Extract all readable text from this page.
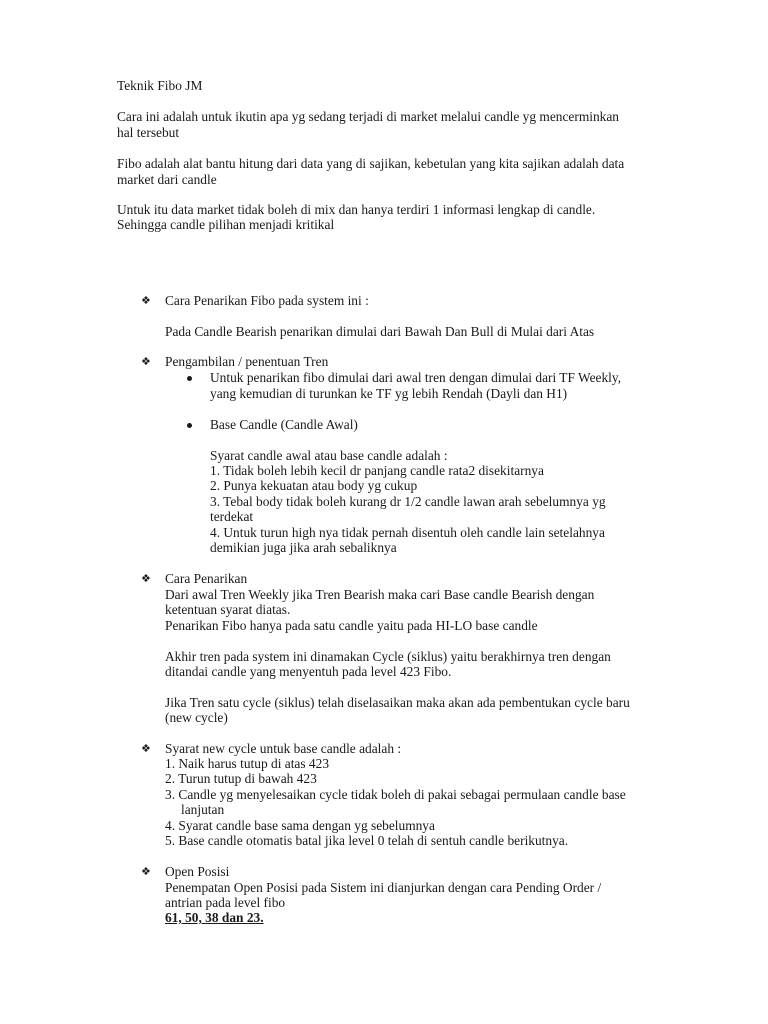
Teknik Fibo JM
Cara ini adalah untuk ikutin apa yg sedang terjadi di market melalui candle yg mencerminkan
hal tersebut
Fibo adalah alat bantu hitung dari data yang di sajikan, kebetulan yang kita sajikan adalah data
market dari candle
Untuk itu data market tidak boleh di mix dan hanya terdiri 1 informasi lengkap di candle.
Sehingga candle pilihan menjadi kritikal
❖ Cara Penarikan Fibo pada system ini :
Pada Candle Bearish penarikan dimulai dari Bawah Dan Bull di Mulai dari Atas
❖ Pengambilan / penentuan Tren
Untuk penarikan fibo dimulai dari awal tren dengan dimulai dari TF Weekly,
yang kemudian di turunkan ke TF yg lebih Rendah (Dayli dan H1)
Base Candle (Candle Awal)
Syarat candle awal atau base candle adalah :
1. Tidak boleh lebih kecil dr panjang candle rata2 disekitarnya
2. Punya kekuatan atau body yg cukup
3. Tebal body tidak boleh kurang dr 1/2 candle lawan arah sebelumnya yg
terdekat
4. Untuk turun high nya tidak pernah disentuh oleh candle lain setelahnya
demikian juga jika arah sebaliknya
❖ Cara Penarikan
Dari awal Tren Weekly jika Tren Bearish maka cari Base candle Bearish dengan
ketentuan syarat diatas.
Penarikan Fibo hanya pada satu candle yaitu pada HI-LO base candle
Akhir tren pada system ini dinamakan Cycle (siklus) yaitu berakhirnya tren dengan
ditandai candle yang menyentuh pada level 423 Fibo.
Jika Tren satu cycle (siklus) telah diselasaikan maka akan ada pembentukan cycle baru
(new cycle)
❖ Syarat new cycle untuk base candle adalah :
1. Naik harus tutup di atas 423
2. Turun tutup di bawah 423
3. Candle yg menyelesaikan cycle tidak boleh di pakai sebagai permulaan candle base
lanjutan
4. Syarat candle base sama dengan yg sebelumnya
5. Base candle otomatis batal jika level 0 telah di sentuh candle berikutnya.
❖ Open Posisi
Penempatan Open Posisi pada Sistem ini dianjurkan dengan cara Pending Order /
antrian pada level fibo
61, 50, 38 dan 23.
